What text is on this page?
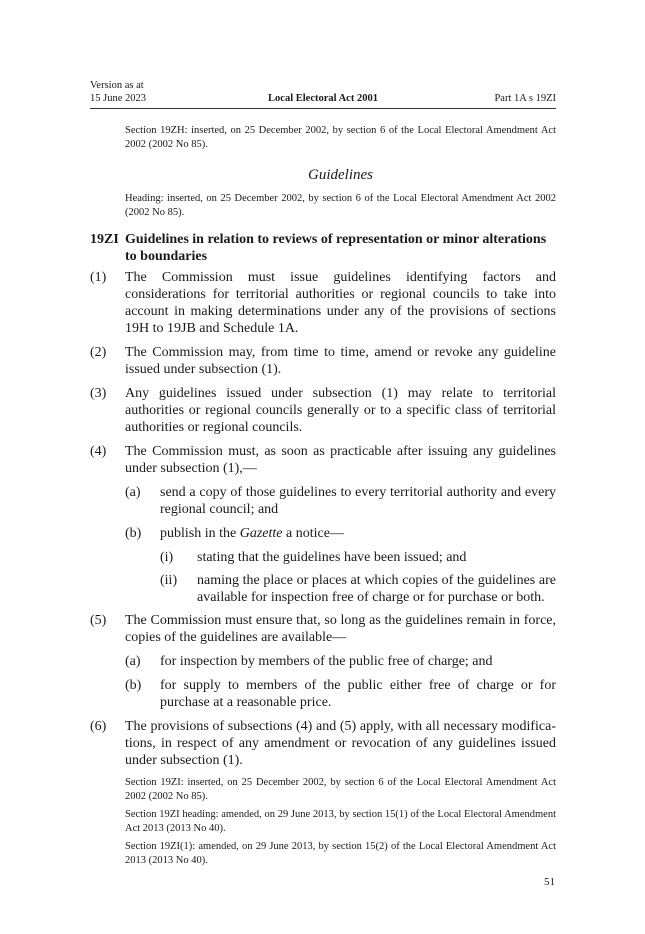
Version as at
15 June 2023	Local Electoral Act 2001	Part 1A s 19ZI

Section 19ZH: inserted, on 25 December 2002, by section 6 of the Local Electoral Amendment Act 2002 (2002 No 85).

Guidelines

Heading: inserted, on 25 December 2002, by section 6 of the Local Electoral Amendment Act 2002 (2002 No 85).

19ZI Guidelines in relation to reviews of representation or minor alterations to boundaries
(1)	The Commission must issue guidelines identifying factors and considerations for territorial authorities or regional councils to take into account in making determinations under any of the provisions of sections 19H to 19JB and Schedule 1A.
(2)	The Commission may, from time to time, amend or revoke any guideline issued under subsection (1).
(3)	Any guidelines issued under subsection (1) may relate to territorial authorities or regional councils generally or to a specific class of territorial authorities or regional councils.
(4)	The Commission must, as soon as practicable after issuing any guidelines under subsection (1),—
(a)	send a copy of those guidelines to every territorial authority and every regional council; and
(b)	publish in the Gazette a notice—
(i)	stating that the guidelines have been issued; and
(ii)	naming the place or places at which copies of the guidelines are available for inspection free of charge or for purchase or both.
(5)	The Commission must ensure that, so long as the guidelines remain in force, copies of the guidelines are available—
(a)	for inspection by members of the public free of charge; and
(b)	for supply to members of the public either free of charge or for purchase at a reasonable price.
(6)	The provisions of subsections (4) and (5) apply, with all necessary modifications, in respect of any amendment or revocation of any guidelines issued under subsection (1).

Section 19ZI: inserted, on 25 December 2002, by section 6 of the Local Electoral Amendment Act 2002 (2002 No 85).

Section 19ZI heading: amended, on 29 June 2013, by section 15(1) of the Local Electoral Amendment Act 2013 (2013 No 40).

Section 19ZI(1): amended, on 29 June 2013, by section 15(2) of the Local Electoral Amendment Act 2013 (2013 No 40).

51
